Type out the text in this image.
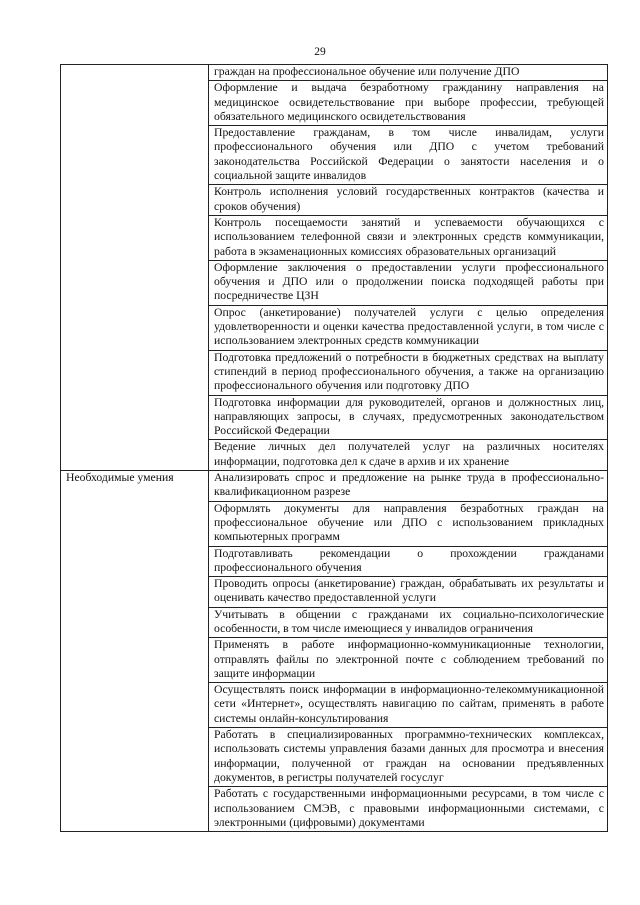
29
	граждан на профессиональное обучение или получение ДПО
	Оформление и выдача безработному гражданину направления на медицинское освидетельствование при выборе профессии, требующей обязательного медицинского освидетельствования
	Предоставление гражданам, в том числе инвалидам, услуги профессионального обучения или ДПО с учетом требований законодательства Российской Федерации о занятости населения и о социальной защите инвалидов
	Контроль исполнения условий государственных контрактов (качества и сроков обучения)
	Контроль посещаемости занятий и успеваемости обучающихся с использованием телефонной связи и электронных средств коммуникации, работа в экзаменационных комиссиях образовательных организаций
	Оформление заключения о предоставлении услуги профессионального обучения и ДПО или о продолжении поиска подходящей работы при посредничестве ЦЗН
	Опрос (анкетирование) получателей услуги с целью определения удовлетворенности и оценки качества предоставленной услуги, в том числе с использованием электронных средств коммуникации
	Подготовка предложений о потребности в бюджетных средствах на выплату стипендий в период профессионального обучения, а также на организацию профессионального обучения или подготовку ДПО
	Подготовка информации для руководителей, органов и должностных лиц, направляющих запросы, в случаях, предусмотренных законодательством Российской Федерации
	Ведение личных дел получателей услуг на различных носителях информации, подготовка дел к сдаче в архив и их хранение
Необходимые умения	Анализировать спрос и предложение на рынке труда в профессионально-квалификационном разрезе
	Оформлять документы для направления безработных граждан на профессиональное обучение или ДПО с использованием прикладных компьютерных программ
	Подготавливать рекомендации о прохождении гражданами профессионального обучения
	Проводить опросы (анкетирование) граждан, обрабатывать их результаты и оценивать качество предоставленной услуги
	Учитывать в общении с гражданами их социально-психологические особенности, в том числе имеющиеся у инвалидов ограничения
	Применять в работе информационно-коммуникационные технологии, отправлять файлы по электронной почте с соблюдением требований по защите информации
	Осуществлять поиск информации в информационно-телекоммуникационной сети «Интернет», осуществлять навигацию по сайтам, применять в работе системы онлайн-консультирования
	Работать в специализированных программно-технических комплексах, использовать системы управления базами данных для просмотра и внесения информации, полученной от граждан на основании предъявленных документов, в регистры получателей госуслуг
	Работать с государственными информационными ресурсами, в том числе с использованием СМЭВ, с правовыми информационными системами, с электронными (цифровыми) документами
